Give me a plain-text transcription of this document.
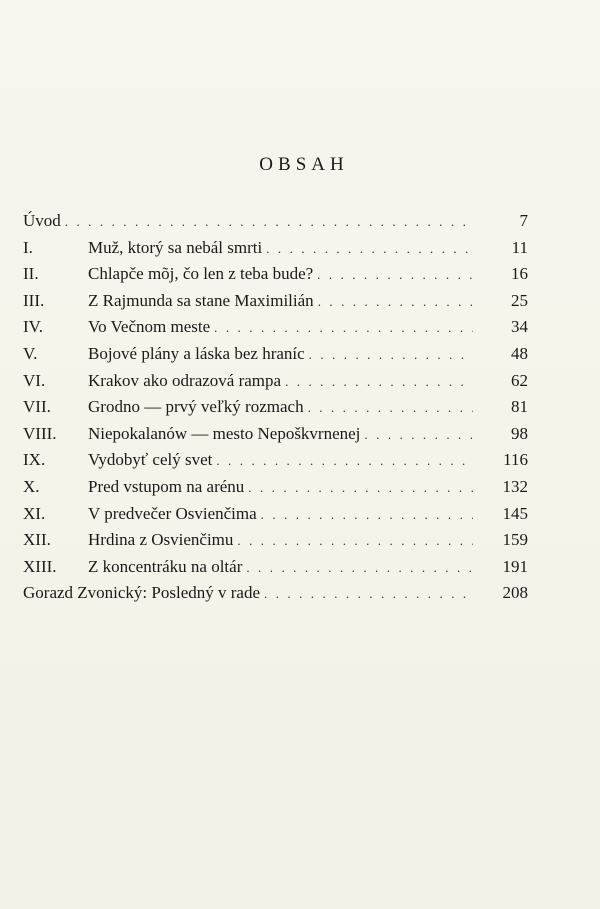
OBSAH
Úvod . . .	7
I.	Muž, ktorý sa nebál smrti . . .	11
II.	Chlapče mõj, čo len z teba bude? . . .	16
III.	Z Rajmunda sa stane Maximilián . . .	25
IV.	Vo Večnom meste . . .	34
V.	Bojové plány a láska bez hraníc . . .	48
VI.	Krakov ako odrazová rampa . . .	62
VII. Grodno — prvý veľký rozmach . . .	81
VIII. Niepokalanów — mesto Nepoškvrnenej . . .	98
IX.	Vydobyť celý svet . . .	116
X.	Pred vstupom na arénu . . .	132
XI.	V predvečer Osvienčima . . .	145
XII. Hrdina z Osvienčimu . . .	159
XIII. Z koncentráku na oltár . . .	191
Gorazd Zvonický: Posledný v rade . . .	208
